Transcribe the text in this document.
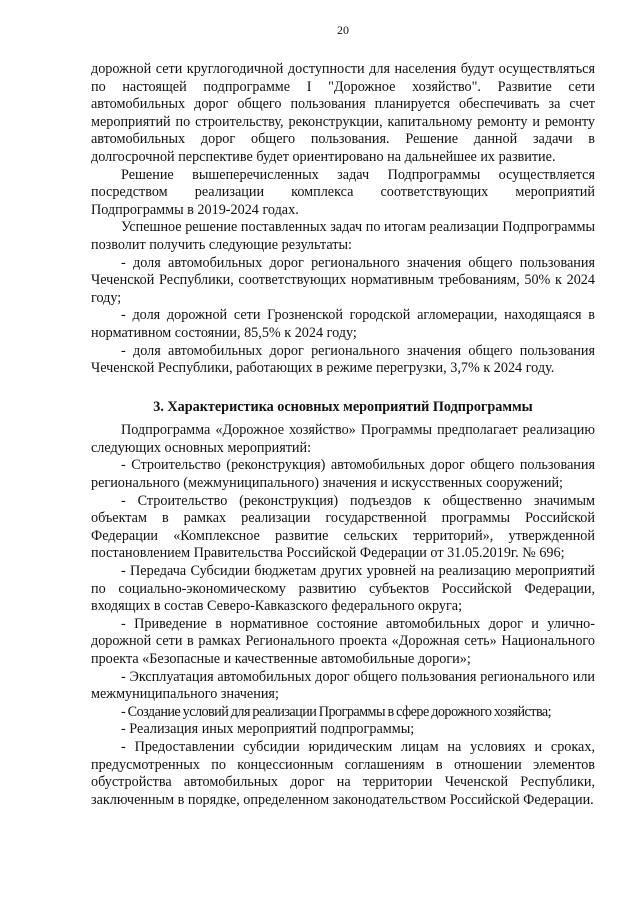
20

дорожной сети круглогодичной доступности для населения будут осуществляться по настоящей подпрограмме I "Дорожное хозяйство". Развитие сети автомобильных дорог общего пользования планируется обеспечивать за счет мероприятий по строительству, реконструкции, капитальному ремонту и ремонту автомобильных дорог общего пользования. Решение данной задачи в долгосрочной перспективе будет ориентировано на дальнейшее их развитие.

Решение вышеперечисленных задач Подпрограммы осуществляется посредством реализации комплекса соответствующих мероприятий Подпрограммы в 2019-2024 годах.

Успешное решение поставленных задач по итогам реализации Подпрограммы позволит получить следующие результаты:

- доля автомобильных дорог регионального значения общего пользования Чеченской Республики, соответствующих нормативным требованиям, 50% к 2024 году;

- доля дорожной сети Грозненской городской агломерации, находящаяся в нормативном состоянии, 85,5% к 2024 году;

- доля автомобильных дорог регионального значения общего пользования Чеченской Республики, работающих в режиме перегрузки, 3,7% к 2024 году.

3. Характеристика основных мероприятий Подпрограммы

Подпрограмма «Дорожное хозяйство» Программы предполагает реализацию следующих основных мероприятий:

- Строительство (реконструкция) автомобильных дорог общего пользования регионального (межмуниципального) значения и искусственных сооружений;

- Строительство (реконструкция) подъездов к общественно значимым объектам в рамках реализации государственной программы Российской Федерации «Комплексное развитие сельских территорий», утвержденной постановлением Правительства Российской Федерации от 31.05.2019г. № 696;

- Передача Субсидии бюджетам других уровней на реализацию мероприятий по социально-экономическому развитию субъектов Российской Федерации, входящих в состав Северо-Кавказского федерального округа;

- Приведение в нормативное состояние автомобильных дорог и улично-дорожной сети в рамках Регионального проекта «Дорожная сеть» Национального проекта «Безопасные и качественные автомобильные дороги»;

- Эксплуатация автомобильных дорог общего пользования регионального или межмуниципального значения;

- Создание условий для реализации Программы в сфере дорожного хозяйства;

- Реализация иных мероприятий подпрограммы;

- Предоставлении субсидии юридическим лицам на условиях и сроках, предусмотренных по концессионным соглашениям в отношении элементов обустройства автомобильных дорог на территории Чеченской Республики, заключенным в порядке, определенном законодательством Российской Федерации.
